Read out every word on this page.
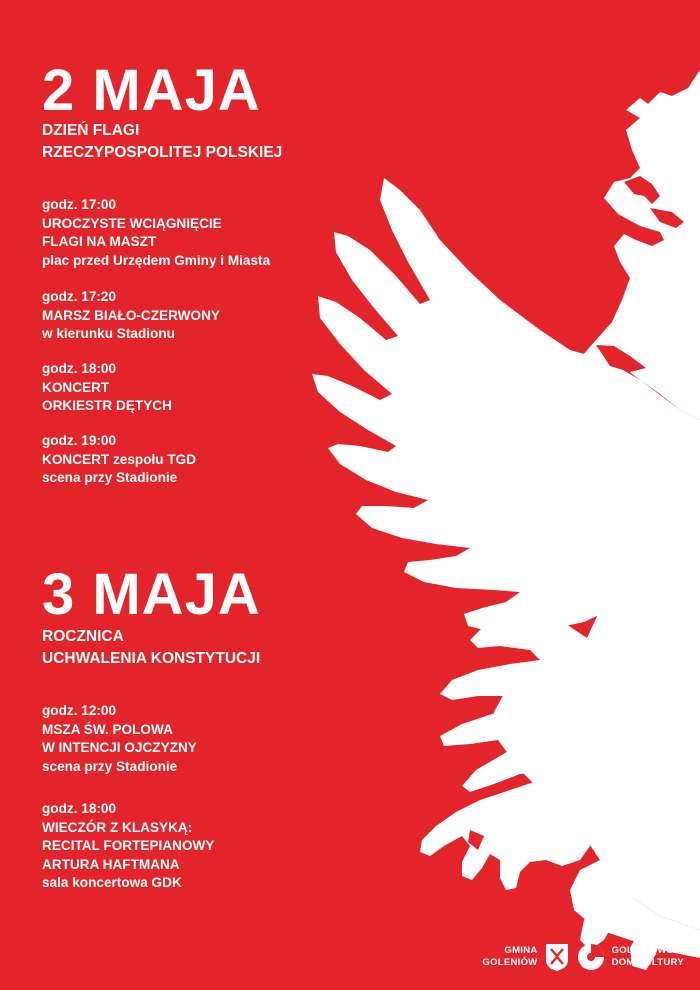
2 MAJA
DZIEŃ FLAGI
RZECZYPOSPOLITEJ POLSKIEJ
godz. 17:00
UROCZYSTE WCIĄGNIĘCIE
FLAGI NA MASZT
plac przed Urzędem Gminy i Miasta
godz. 17:20
MARSZ BIAŁO-CZERWONY
w kierunku Stadionu
godz. 18:00
KONCERT
ORKIESTR DĘTYCH
godz. 19:00
KONCERT zespołu TGD
scena przy Stadionie
3 MAJA
ROCZNICA
UCHWALENIA KONSTYTUCJI
godz. 12:00
MSZA ŚW. POLOWA
W INTENCJI OJCZYZNY
scena przy Stadionie
godz. 18:00
WIECZÓR Z KLASYKĄ:
RECITAL FORTEPIANOWY
ARTURA HAFTMANA
sala koncertowa GDK
GMINA
GOLENIÓW
GOLENIOWSKI
DOM KULTURY
